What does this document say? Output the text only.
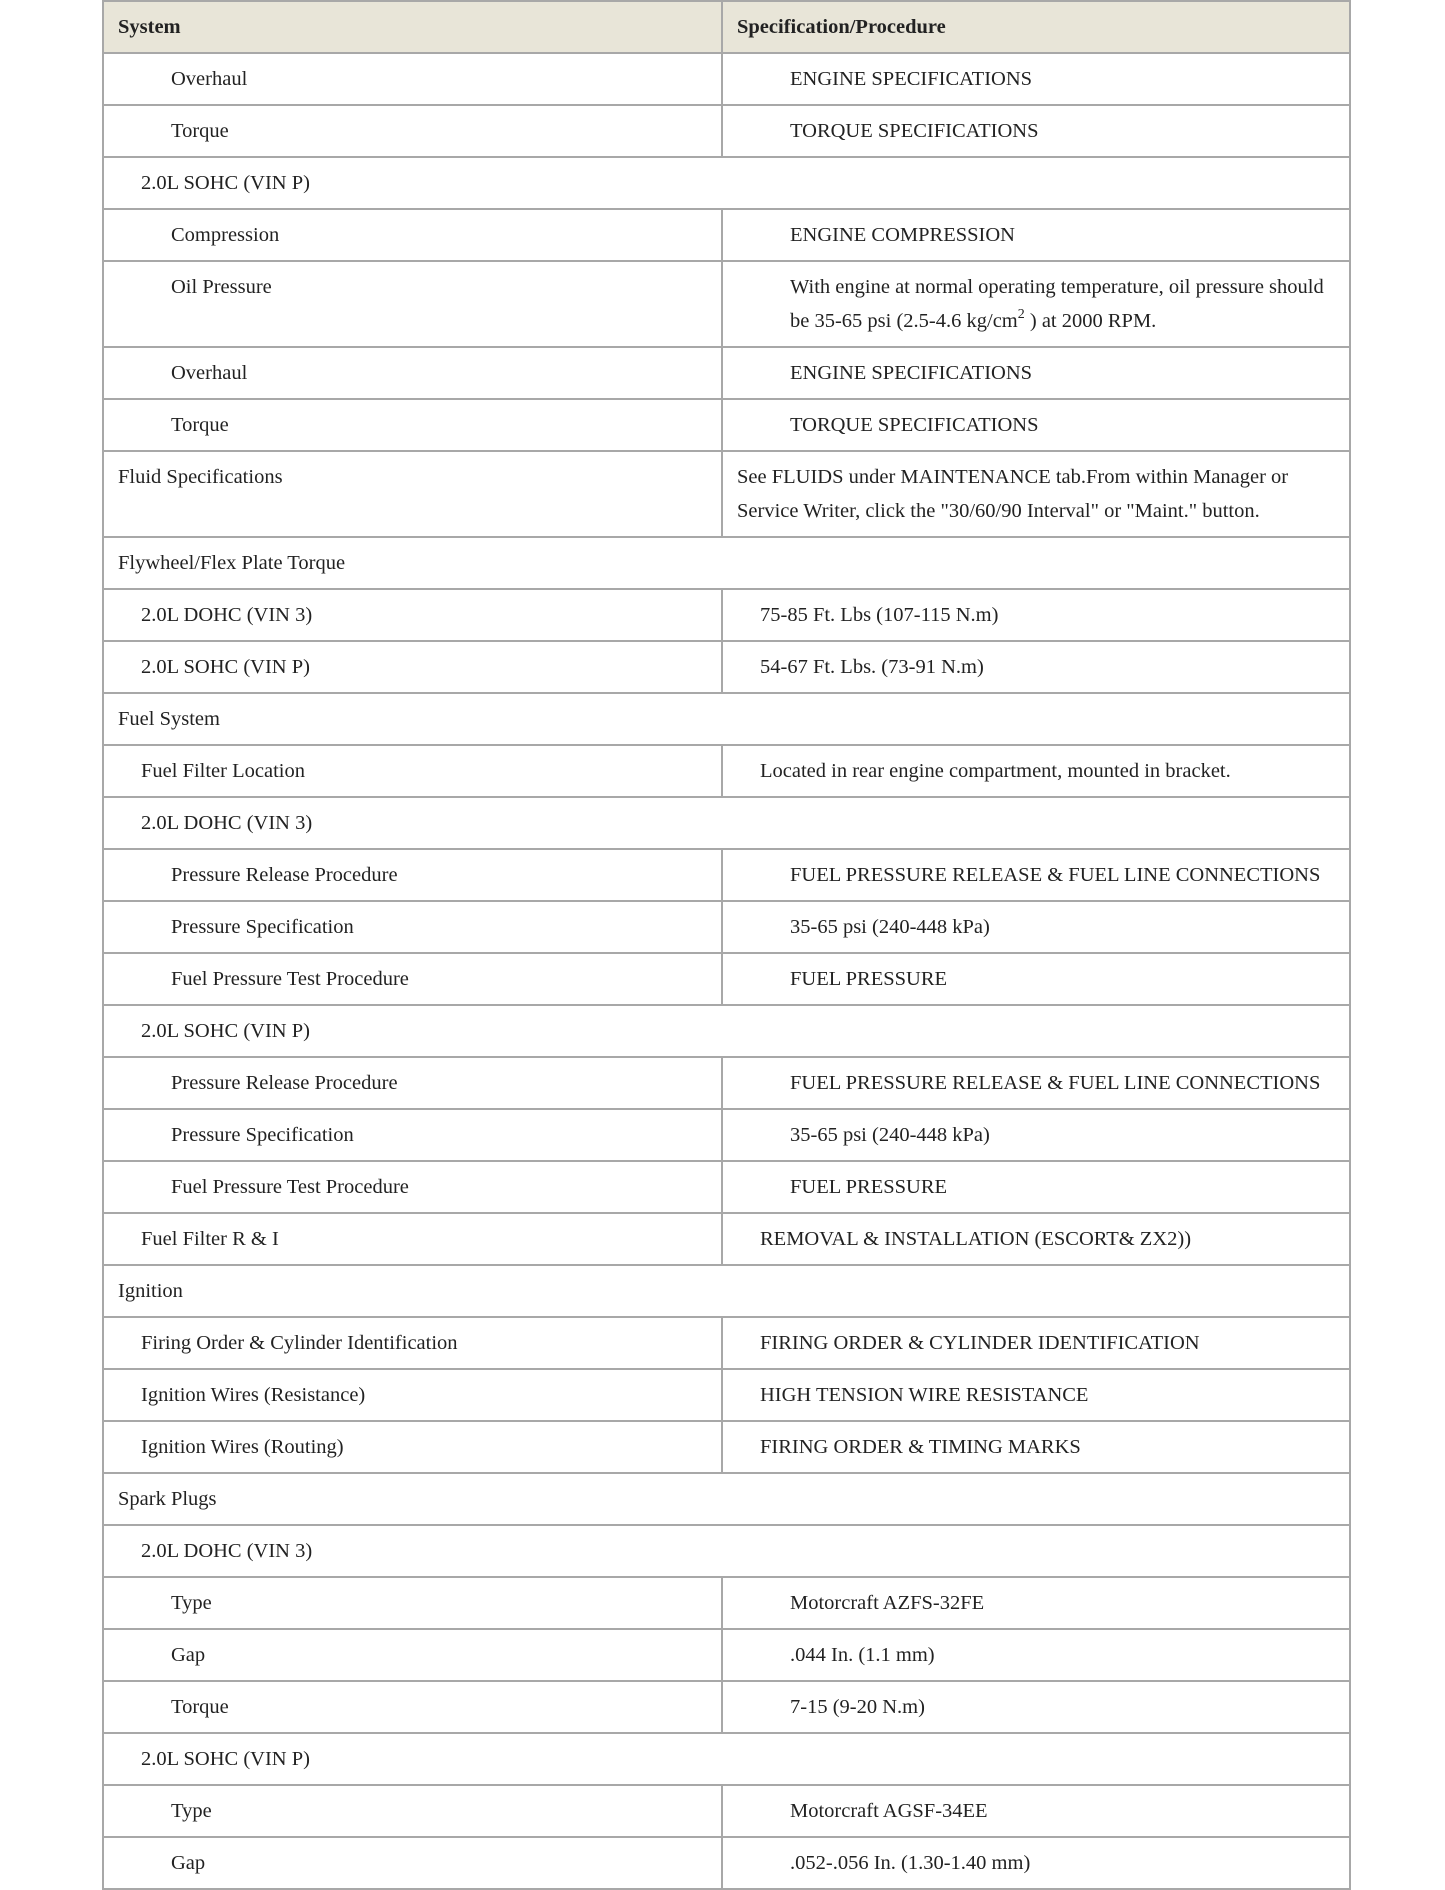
System	Specification/Procedure
Overhaul	ENGINE SPECIFICATIONS
Torque	TORQUE SPECIFICATIONS
2.0L SOHC (VIN P)	
Compression	ENGINE COMPRESSION
Oil Pressure	With engine at normal operating temperature, oil pressure should be 35-65 psi (2.5-4.6 $kg/cm^2$ ) at 2000 RPM.
Overhaul	ENGINE SPECIFICATIONS
Torque	TORQUE SPECIFICATIONS
Fluid Specifications	See FLUIDS under MAINTENANCE tab.From within Manager or Service Writer, click the "30/60/90 Interval" or "Maint." button.
Flywheel/Flex Plate Torque	
2.0L DOHC (VIN 3)	75-85 Ft. Lbs (107-115 N.m)
2.0L SOHC (VIN P)	54-67 Ft. Lbs. (73-91 N.m)
Fuel System	
Fuel Filter Location	Located in rear engine compartment, mounted in bracket.
2.0L DOHC (VIN 3)	
Pressure Release Procedure	FUEL PRESSURE RELEASE & FUEL LINE CONNECTIONS
Pressure Specification	35-65 psi (240-448 kPa)
Fuel Pressure Test Procedure	FUEL PRESSURE
2.0L SOHC (VIN P)	
Pressure Release Procedure	FUEL PRESSURE RELEASE & FUEL LINE CONNECTIONS
Pressure Specification	35-65 psi (240-448 kPa)
Fuel Pressure Test Procedure	FUEL PRESSURE
Fuel Filter R & I	REMOVAL & INSTALLATION (ESCORT& ZX2))
Ignition	
Firing Order & Cylinder Identification	FIRING ORDER & CYLINDER IDENTIFICATION
Ignition Wires (Resistance)	HIGH TENSION WIRE RESISTANCE
Ignition Wires (Routing)	FIRING ORDER & TIMING MARKS
Spark Plugs	
2.0L DOHC (VIN 3)	
Type	Motorcraft AZFS-32FE
Gap	.044 In. (1.1 mm)
Torque	7-15 (9-20 N.m)
2.0L SOHC (VIN P)	
Type	Motorcraft AGSF-34EE
Gap	.052-.056 In. (1.30-1.40 mm)
